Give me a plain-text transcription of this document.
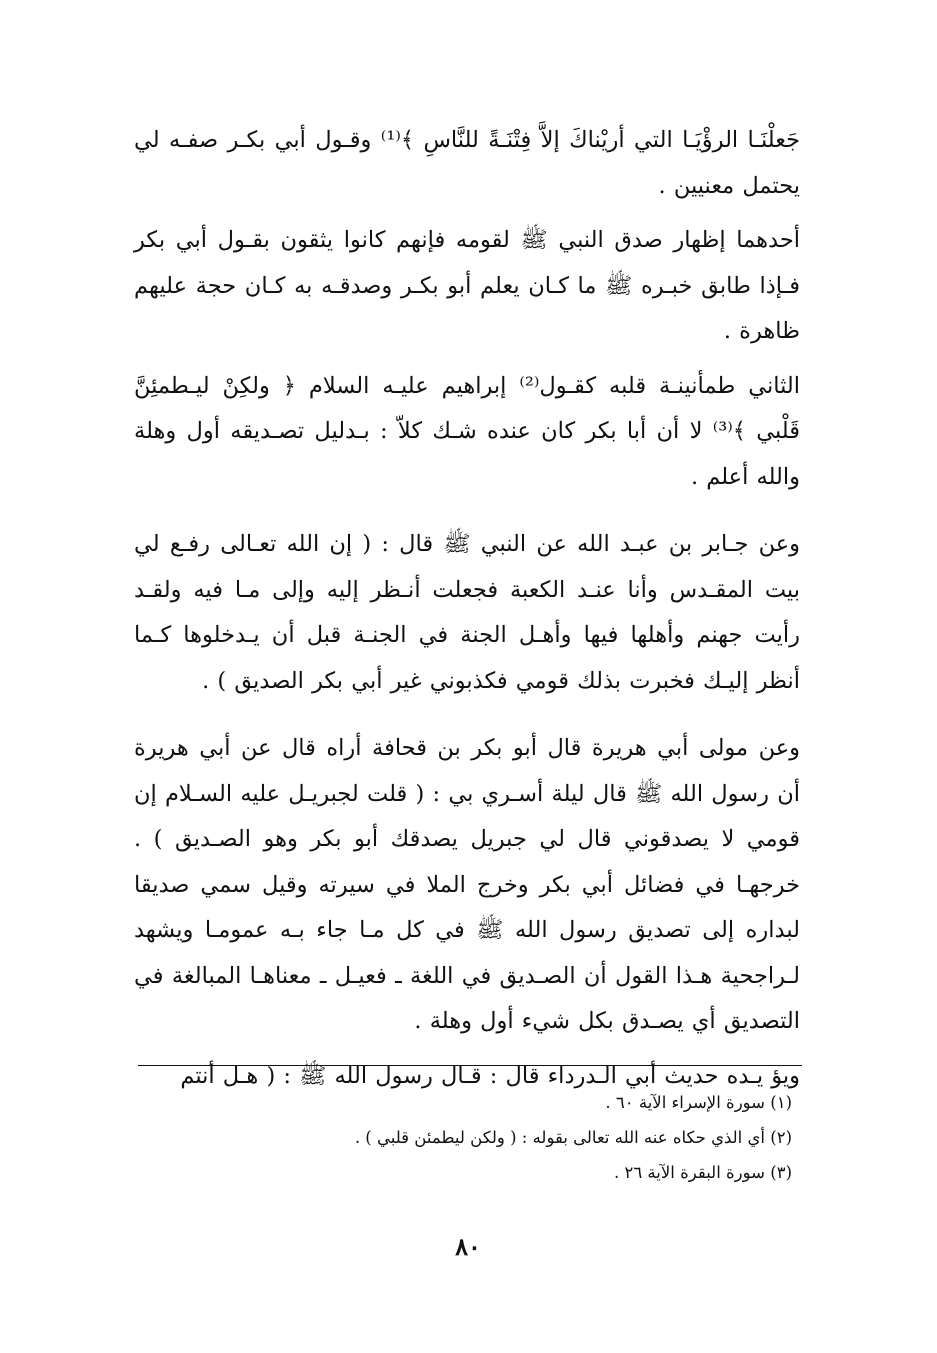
جَعلْنَـا الرؤْيَـا التي أريْناكَ إلاَّ فِتْنَـةً للنَّاسِ ﴾⁽¹⁾ وقـول أبي بكـر صفـه لي يحتمل معنيين .

أحدهما إظهار صدق النبي ﷺ لقومه فإنهم كانوا يثقون بقـول أبي بكر فـإذا طابق خبـره ﷺ ما كـان يعلم أبو بكـر وصدقـه به كـان حجة عليهم ظاهرة .

الثاني طمأنينـة قلبه كقـول⁽²⁾ إبراهيم عليـه السلام ﴿ ولكِنْ ليـطمئِنَّ قَلْبي ﴾⁽³⁾ لا أن أبا بكر كان عنده شـك كلاّ : بـدليل تصـديقه أول وهلة والله أعلم .

وعن جـابر بن عبـد الله عن النبي ﷺ قال : ( إن الله تعـالى رفـع لي بيت المقـدس وأنا عنـد الكعبة فجعلت أنـظر إليه وإلى مـا فيه ولقـد رأيت جهنم وأهلها فيها وأهـل الجنة في الجنـة قبل أن يـدخلوها كـما أنظر إليـك فخبرت بذلك قومي فكذبوني غير أبي بكر الصديق ) .

وعن مولى أبي هريرة قال أبو بكر بن قحافة أراه قال عن أبي هريرة أن رسول الله ﷺ قال ليلة أسـري بي : ( قلت لجبريـل عليه السـلام إن قومي لا يصدقوني قال لي جبريل يصدقك أبو بكر وهو الصـديق ) . خرجهـا في فضائل أبي بكر وخرج الملا في سيرته وقيل سمي صديقا لبداره إلى تصديق رسول الله ﷺ في كل مـا جاء بـه عمومـا ويشهد لـراجحية هـذا القول أن الصـديق في اللغة ـ فعيـل ـ معناهـا المبالغة في التصديق أي يصـدق بكل شيء أول وهلة .

ويؤ يـده حديث أبي الـدرداء قال : قـال رسول الله ﷺ : ( هـل أنتم

(١) سورة الإسراء الآية ٦٠ .

(٢) أي الذي حكاه عنه الله تعالى بقوله : ( ولكن ليطمئن قلبي ) .

(٣) سورة البقرة الآية ٢٦ .

٨٠
